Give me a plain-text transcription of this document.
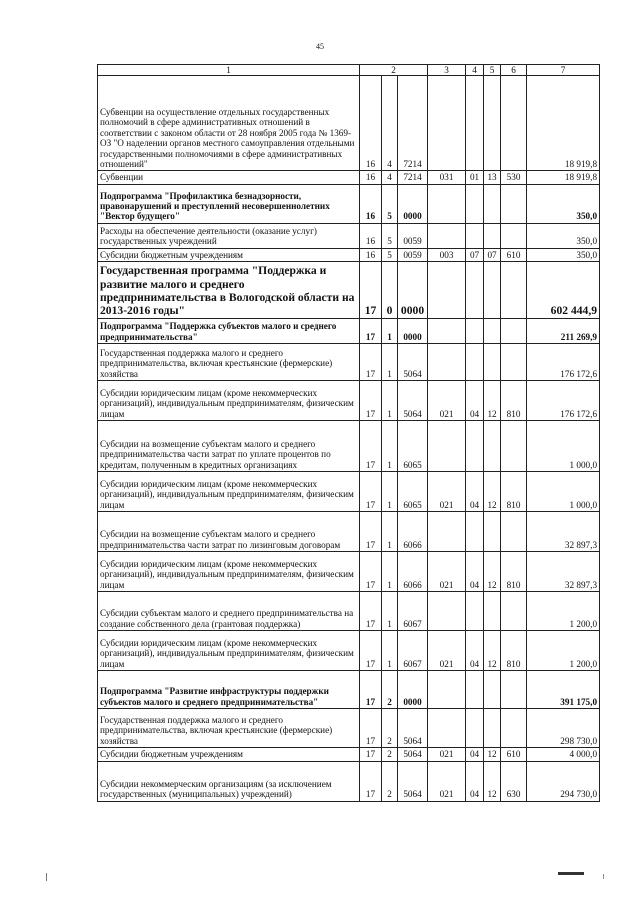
45
1	2			3	4	5	6	7
Субвенции на осуществление отдельных государственных полномочий в сфере административных отношений в соответствии с законом области от 28 ноября 2005 года № 1369-ОЗ "О наделении органов местного самоуправления отдельными государственными полномочиями в сфере административных отношений"	16	4	7214					18 919,8
Субвенции	16	4	7214	031	01	13	530	18 919,8
Подпрограмма "Профилактика безнадзорности, правонарушений и преступлений несовершеннолетних "Вектор будущего"	16	5	0000					350,0
Расходы на обеспечение деятельности (оказание услуг) государственных учреждений	16	5	0059					350,0
Субсидии бюджетным учреждениям	16	5	0059	003	07	07	610	350,0
Государственная программа "Поддержка и развитие малого и среднего предпринимательства в Вологодской области на 2013-2016 годы"	17	0	0000					602 444,9
Подпрограмма "Поддержка субъектов малого и среднего предпринимательства"	17	1	0000					211 269,9
Государственная поддержка малого и среднего предпринимательства, включая крестьянские (фермерские) хозяйства	17	1	5064					176 172,6
Субсидии юридическим лицам (кроме некоммерческих организаций), индивидуальным предпринимателям, физическим лицам	17	1	5064	021	04	12	810	176 172,6
Субсидии на возмещение субъектам малого и среднего предпринимательства части затрат по уплате процентов по кредитам, полученным в кредитных организациях	17	1	6065					1 000,0
Субсидии юридическим лицам (кроме некоммерческих организаций), индивидуальным предпринимателям, физическим лицам	17	1	6065	021	04	12	810	1 000,0
Субсидии на возмещение субъектам малого и среднего предпринимательства части затрат по лизинговым договорам	17	1	6066					32 897,3
Субсидии юридическим лицам (кроме некоммерческих организаций), индивидуальным предпринимателям, физическим лицам	17	1	6066	021	04	12	810	32 897,3
Субсидии субъектам малого и среднего предпринимательства на создание собственного дела (грантовая поддержка)	17	1	6067					1 200,0
Субсидии юридическим лицам (кроме некоммерческих организаций), индивидуальным предпринимателям, физическим лицам	17	1	6067	021	04	12	810	1 200,0
Подпрограмма "Развитие инфраструктуры поддержки субъектов малого и среднего предпринимательства"	17	2	0000					391 175,0
Государственная поддержка малого и среднего предпринимательства, включая крестьянские (фермерские) хозяйства	17	2	5064					298 730,0
Субсидии бюджетным учреждениям	17	2	5064	021	04	12	610	4 000,0
Субсидии некоммерческим организациям (за исключением государственных (муниципальных) учреждений)	17	2	5064	021	04	12	630	294 730,0
